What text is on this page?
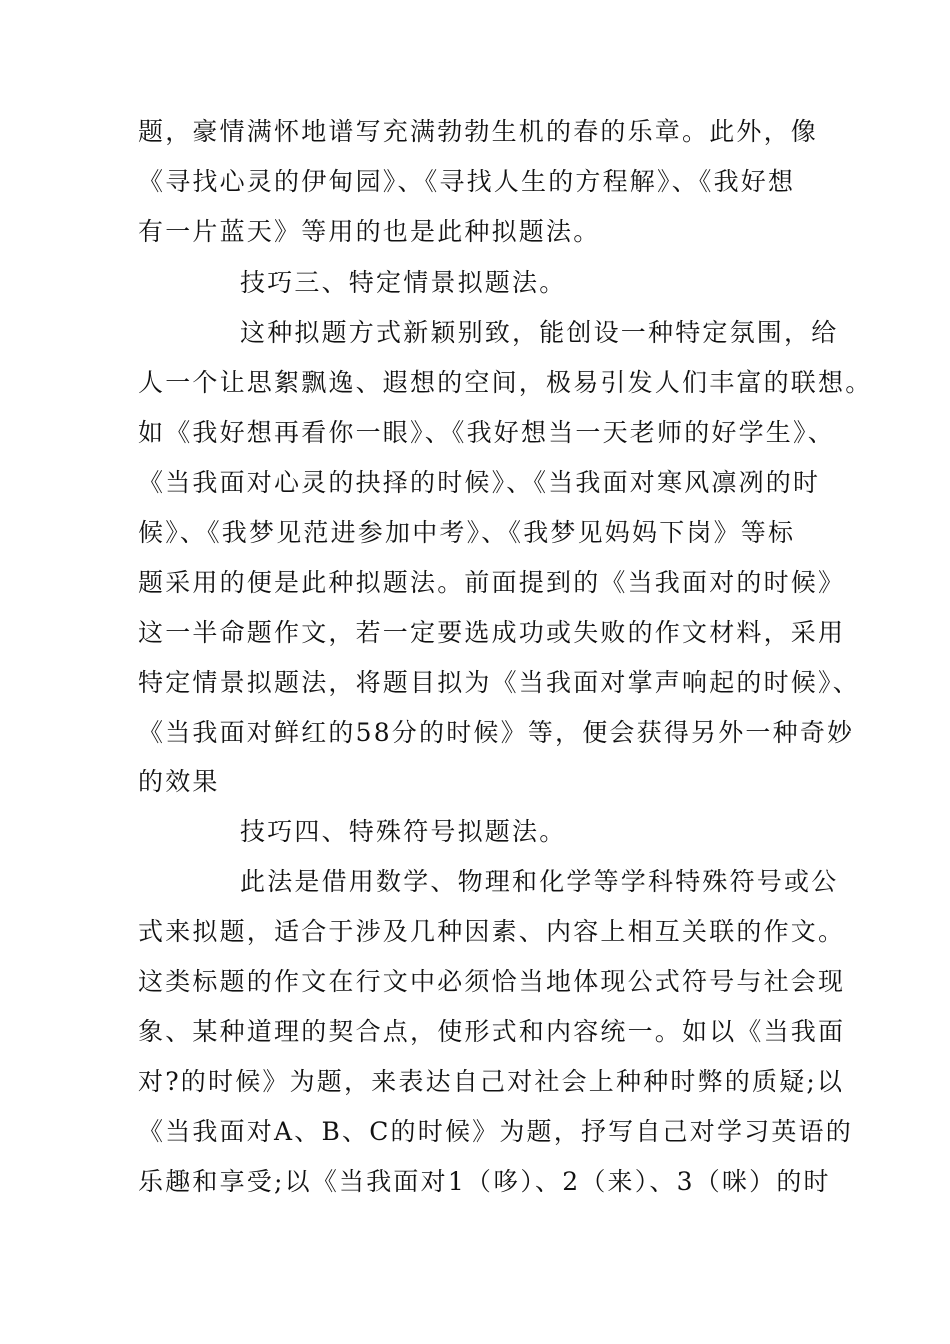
题，豪情满怀地谱写充满勃勃生机的春的乐章。此外，像
《寻找心灵的伊甸园》、《寻找人生的方程解》、《我好想
有一片蓝天》等用的也是此种拟题法。
技巧三、特定情景拟题法。
这种拟题方式新颖别致，能创设一种特定氛围，给
人一个让思絮飘逸、遐想的空间，极易引发人们丰富的联想。
如《我好想再看你一眼》、《我好想当一天老师的好学生》、
《当我面对心灵的抉择的时候》、《当我面对寒风凛冽的时
候》、《我梦见范进参加中考》、《我梦见妈妈下岗》等标
题采用的便是此种拟题法。前面提到的《当我面对的时候》
这一半命题作文，若一定要选成功或失败的作文材料，采用
特定情景拟题法，将题目拟为《当我面对掌声响起的时候》、
《当我面对鲜红的58分的时候》等，便会获得另外一种奇妙
的效果
技巧四、特殊符号拟题法。
此法是借用数学、物理和化学等学科特殊符号或公
式来拟题，适合于涉及几种因素、内容上相互关联的作文。
这类标题的作文在行文中必须恰当地体现公式符号与社会现
象、某种道理的契合点，使形式和内容统一。如以《当我面
对?的时候》为题，来表达自己对社会上种种时弊的质疑;以
《当我面对A、B、C的时候》为题，抒写自己对学习英语的
乐趣和享受;以《当我面对1（哆）、2（来）、3（咪）的时
